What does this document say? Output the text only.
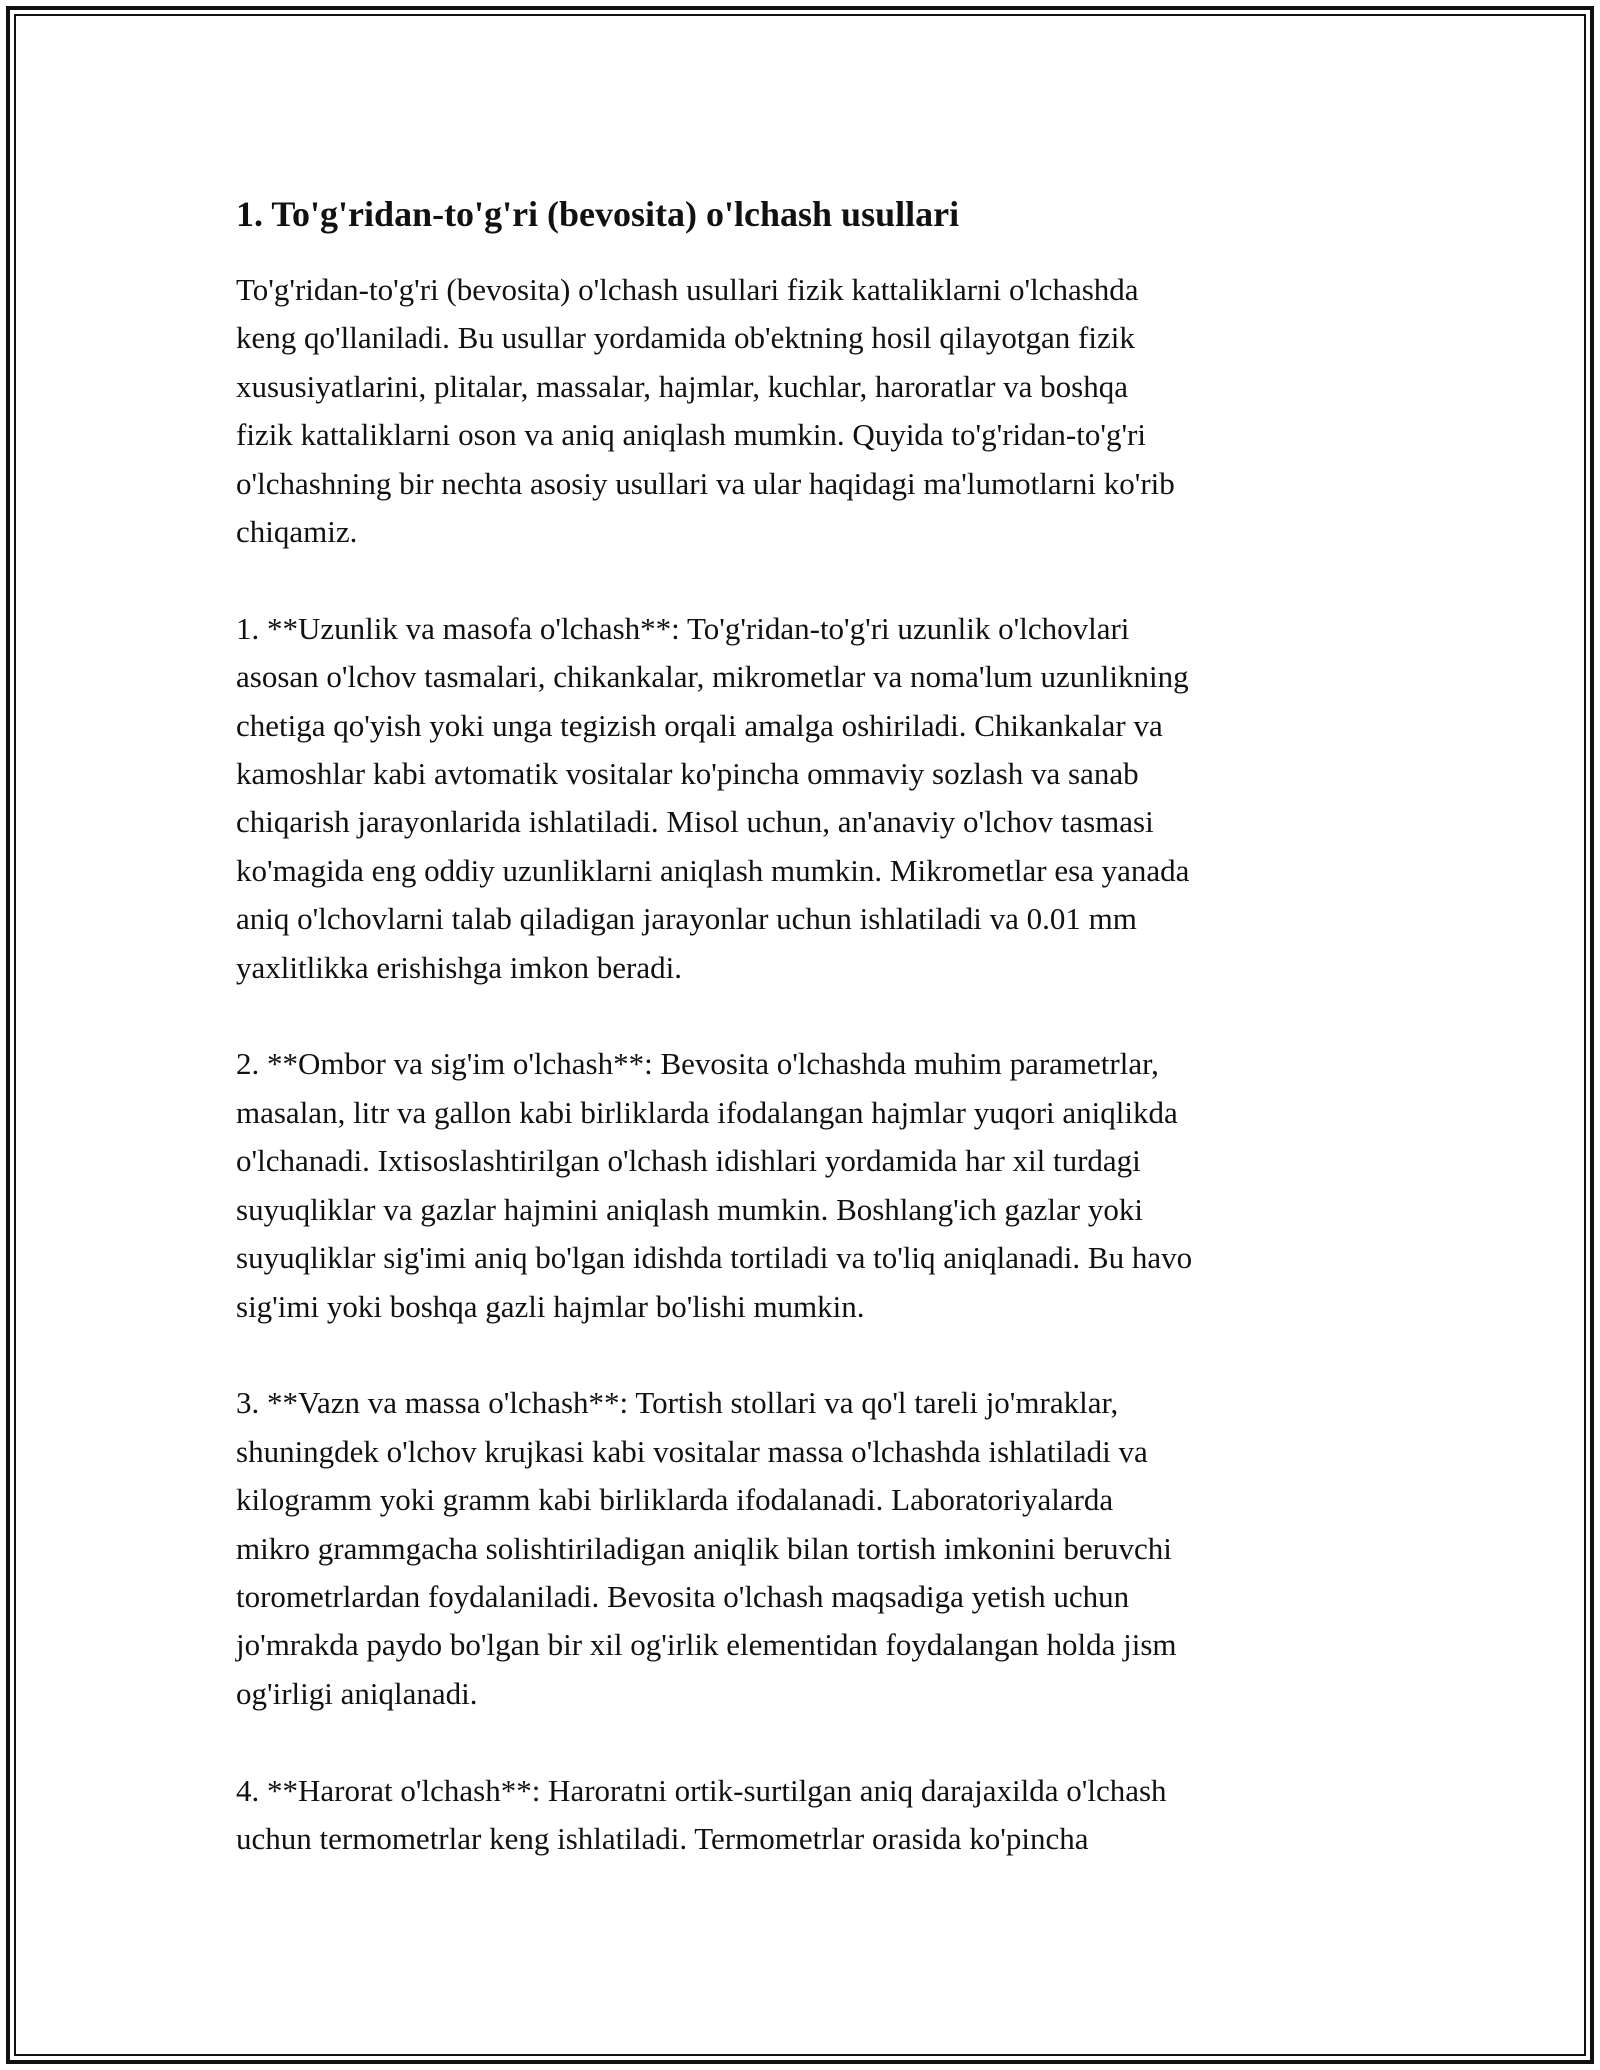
1. To'g'ridan-to'g'ri (bevosita) o'lchash usullari
To'g'ridan-to'g'ri (bevosita) o'lchash usullari fizik kattaliklarni o'lchashda
keng qo'llaniladi. Bu usullar yordamida ob'ektning hosil qilayotgan fizik
xususiyatlarini, plitalar, massalar, hajmlar, kuchlar, haroratlar va boshqa
fizik kattaliklarni oson va aniq aniqlash mumkin. Quyida to'g'ridan-to'g'ri
o'lchashning bir nechta asosiy usullari va ular haqidagi ma'lumotlarni ko'rib
chiqamiz.
1. **Uzunlik va masofa o'lchash**: To'g'ridan-to'g'ri uzunlik o'lchovlari
asosan o'lchov tasmalari, chikankalar, mikrometlar va noma'lum uzunlikning
chetiga qo'yish yoki unga tegizish orqali amalga oshiriladi. Chikankalar va
kamoshlar kabi avtomatik vositalar ko'pincha ommaviy sozlash va sanab
chiqarish jarayonlarida ishlatiladi. Misol uchun, an'anaviy o'lchov tasmasi
ko'magida eng oddiy uzunliklarni aniqlash mumkin. Mikrometlar esa yanada
aniq o'lchovlarni talab qiladigan jarayonlar uchun ishlatiladi va 0.01 mm
yaxlitlikka erishishga imkon beradi.
2. **Ombor va sig'im o'lchash**: Bevosita o'lchashda muhim parametrlar,
masalan, litr va gallon kabi birliklarda ifodalangan hajmlar yuqori aniqlikda
o'lchanadi. Ixtisoslashtirilgan o'lchash idishlari yordamida har xil turdagi
suyuqliklar va gazlar hajmini aniqlash mumkin. Boshlang'ich gazlar yoki
suyuqliklar sig'imi aniq bo'lgan idishda tortiladi va to'liq aniqlanadi. Bu havo
sig'imi yoki boshqa gazli hajmlar bo'lishi mumkin.
3. **Vazn va massa o'lchash**: Tortish stollari va qo'l tareli jo'mraklar,
shuningdek o'lchov krujkasi kabi vositalar massa o'lchashda ishlatiladi va
kilogramm yoki gramm kabi birliklarda ifodalanadi. Laboratoriyalarda
mikro grammgacha solishtiriladigan aniqlik bilan tortish imkonini beruvchi
torometrlardan foydalaniladi. Bevosita o'lchash maqsadiga yetish uchun
jo'mrakda paydo bo'lgan bir xil og'irlik elementidan foydalangan holda jism
og'irligi aniqlanadi.
4. **Harorat o'lchash**: Haroratni ortik-surtilgan aniq darajaxilda o'lchash
uchun termometrlar keng ishlatiladi. Termometrlar orasida ko'pincha
